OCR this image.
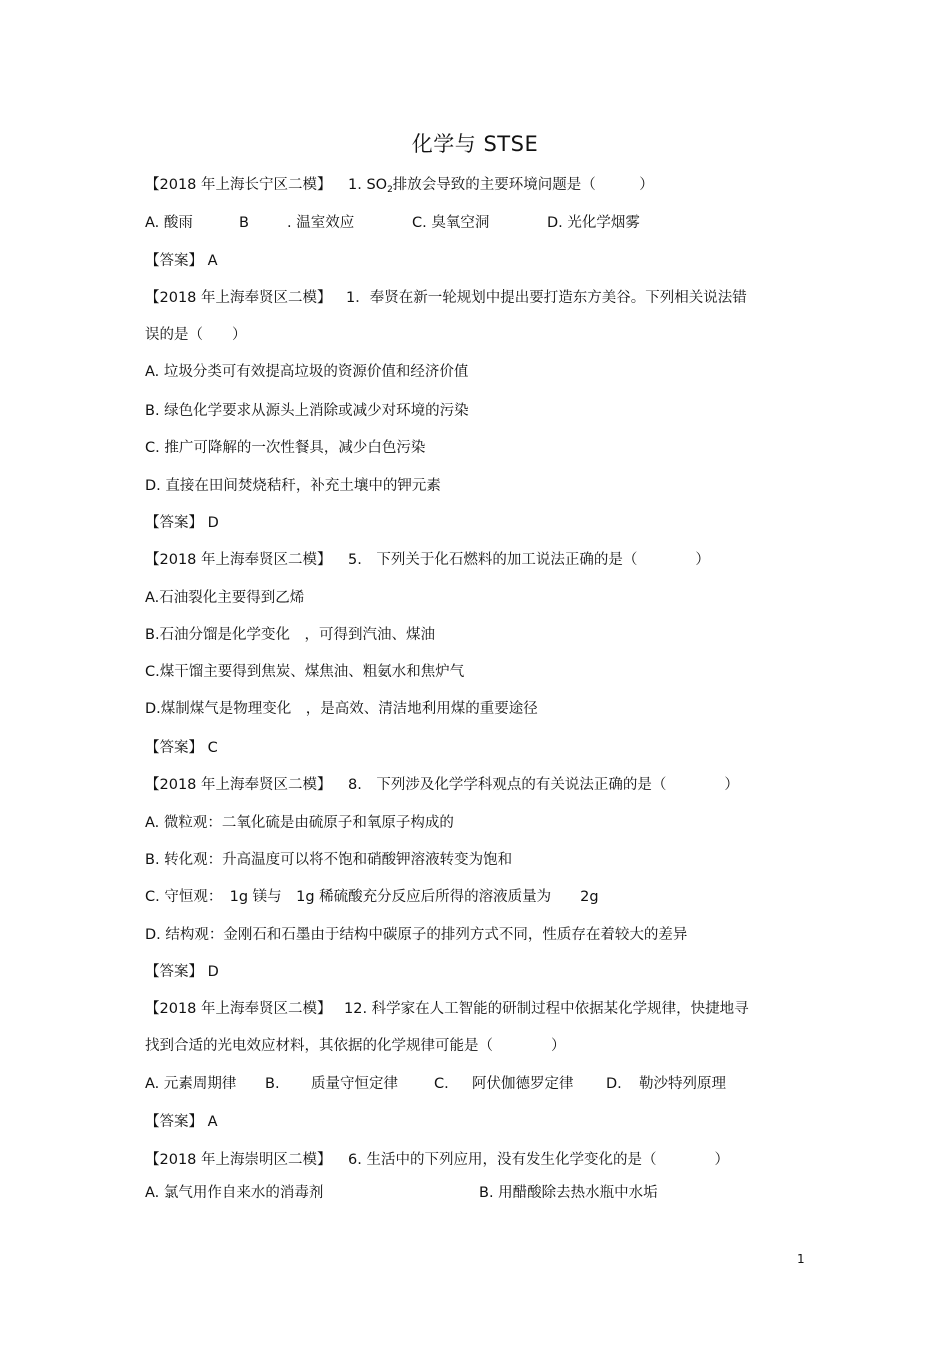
化学与 STSE
【2018 年上海长宁区二模】 1. $SO_2$排放会导致的主要环境问题是（　　　）
A. 酸雨	B	. 温室效应	C. 臭氧空洞	D. 光化学烟雾
【答案】 A
【2018 年上海奉贤区二模】 1．奉贤在新一轮规划中提出要打造东方美谷。下列相关说法错
误的是（　　）
A. 垃圾分类可有效提高垃圾的资源价值和经济价值
B. 绿色化学要求从源头上消除或减少对环境的污染
C. 推广可降解的一次性餐具，减少白色污染
D. 直接在田间焚烧秸秆，补充土壤中的钾元素
【答案】 D
【2018 年上海奉贤区二模】 5.　下列关于化石燃料的加工说法正确的是（　　　　）
A.石油裂化主要得到乙烯
B.石油分馏是化学变化　，可得到汽油、煤油
C.煤干馏主要得到焦炭、煤焦油、粗氨水和焦炉气
D.煤制煤气是物理变化　，是高效、清洁地利用煤的重要途径
【答案】 C
【2018 年上海奉贤区二模】 8.　下列涉及化学学科观点的有关说法正确的是（　　　　）
A. 微粒观：二氧化硫是由硫原子和氧原子构成的
B. 转化观：升高温度可以将不饱和硝酸钾溶液转变为饱和
C. 守恒观：　1g 镁与　1g 稀硫酸充分反应后所得的溶液质量为　　2g
D. 结构观：金刚石和石墨由于结构中碳原子的排列方式不同，性质存在着较大的差异
【答案】 D
【2018 年上海奉贤区二模】 12. 科学家在人工智能的研制过程中依据某化学规律，快捷地寻
找到合适的光电效应材料，其依据的化学规律可能是（　　　　）
A. 元素周期律 B. 质量守恒定律 C. 阿伏伽德罗定律 D. 勒沙特列原理
【答案】 A
【2018 年上海崇明区二模】 6. 生活中的下列应用，没有发生化学变化的是（　　　　）
A. 氯气用作自来水的消毒剂	B. 用醋酸除去热水瓶中水垢
1
